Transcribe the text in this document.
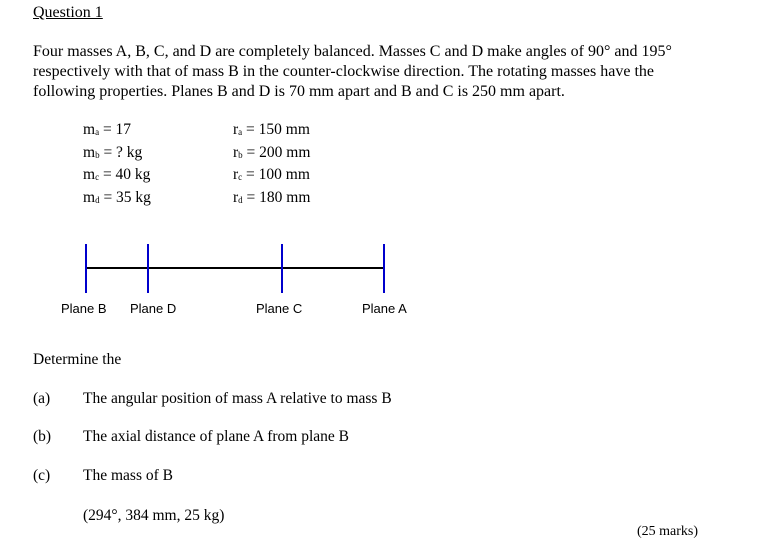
Question 1
Four masses A, B, C, and D are completely balanced. Masses C and D make angles of 90° and 195°
respectively with that of mass B in the counter-clockwise direction. The rotating masses have the
following properties. Planes B and D is 70 mm apart and B and C is 250 mm apart.
$m_a = 17$
$m_b$ = ? kg
$m_c = 40$ kg
$m_d = 35$ kg
$r_a = 150$ mm
$r_b = 200$ mm
$r_c = 100$ mm
$r_d = 180$ mm
Plane B Plane D	Plane C	Plane A
Determine the
(a) The angular position of mass A relative to mass B
(b) The axial distance of plane A from plane B
(c) The mass of B
(294°, 384 mm, 25 kg)
(25 marks)
